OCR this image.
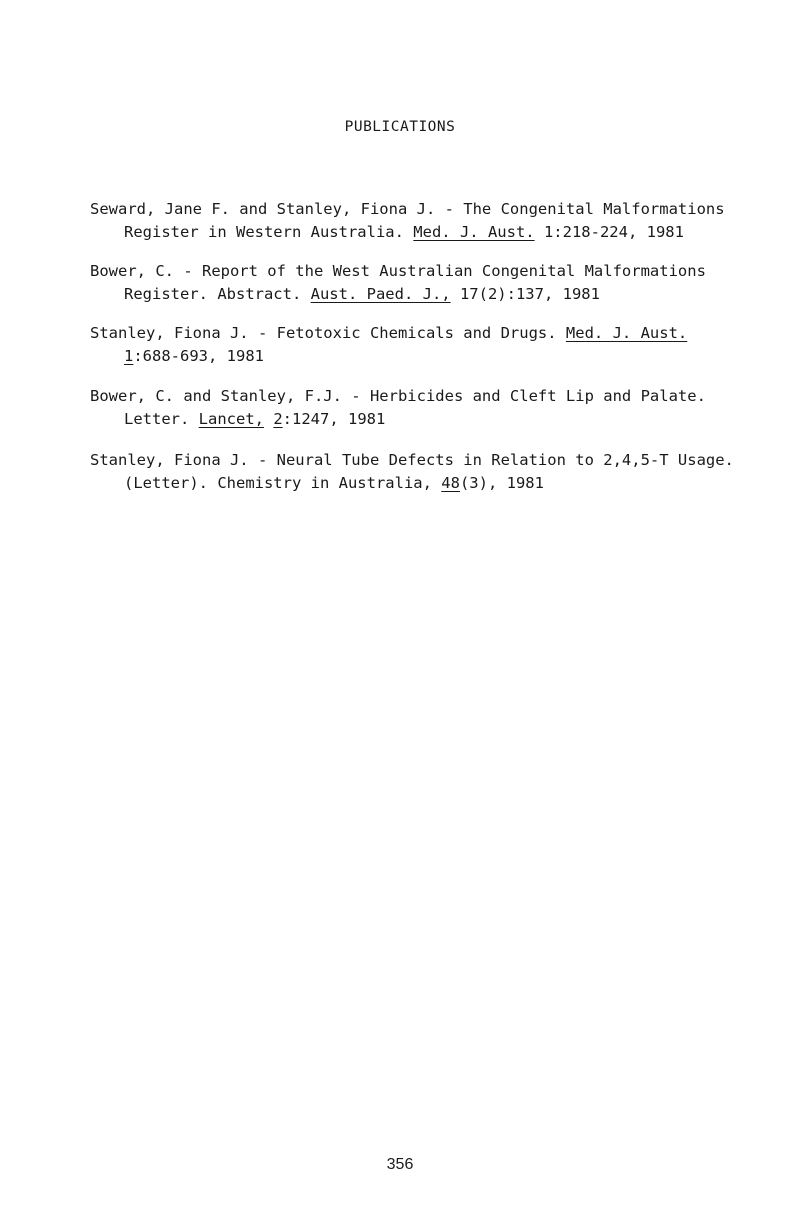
PUBLICATIONS
Seward, Jane F. and Stanley, Fiona J. - The Congenital Malformations
Register in Western Australia. Med. J. Aust. 1:218-224, 1981
Bower, C. - Report of the West Australian Congenital Malformations
Register. Abstract. Aust. Paed. J., 17(2):137, 1981
Stanley, Fiona J. - Fetotoxic Chemicals and Drugs. Med. J. Aust.
1:688-693, 1981
Bower, C. and Stanley, F.J. - Herbicides and Cleft Lip and Palate.
Letter. Lancet, 2:1247, 1981
Stanley, Fiona J. - Neural Tube Defects in Relation to 2,4,5-T Usage.
(Letter). Chemistry in Australia, 48(3), 1981
356
